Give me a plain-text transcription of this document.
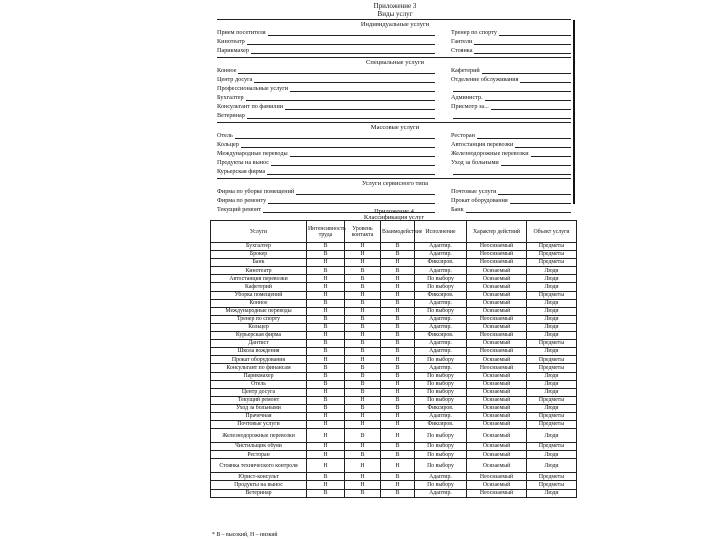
Приложение 3
Виды услуг
Индивидуальные услуги
Прием посетителя	Тренер по спорту
Кинотеатр	Гантели
Парикмахер	Стоянка
Специальные услуги
Конное	Кафетерий
Центр досуга	Отделение обслуживания
Профессиональные услуги
Бухгалтер	Администр.
Консультант по фамилии	Присмотр за...
Ветеринар
Массовые услуги
Отель	Ресторан
Кольцер	Автостанция перевозки
Международные переводы	Железнодорожные перевозки
Продукты на вынос	Уход за больными
Курьерская фирма
Услуги сервисного типа
Фирма по уборке помещений	Почтовые услуги
Фирма по ремонту	Прокат оборудования
Текущий ремонт	Банк
Приложение 4
Классификация услуг
Услуги	Интенсивность труда	Уровень контакта	Взаимодействие	Исполнение	Характер действий	Объект услуги
Бухгалтер	В	Н	В	Адаптир.	Неосязаемый	Предметы
Брокер	В	Н	В	Адаптир.	Неосязаемый	Предметы
Банк	Н	Н	Н	Фиксиров.	Неосязаемый	Предметы
Кинотеатр	В	В	В	Адаптир.	Осязаемый	Люди
Автостанция перевозки	Н	В	Н	По выбору	Осязаемый	Люди
Кафетерий	Н	В	Н	По выбору	Осязаемый	Люди
Уборка помещений	Н	Н	Н	Фиксиров.	Осязаемый	Предметы
Конное	В	В	В	Адаптир.	Осязаемый	Люди
Международные переводы	Н	Н	Н	По выбору	Осязаемый	Люди
Тренер по спорту	В	В	В	Адаптир.	Неосязаемый	Люди
Кольцер	В	В	В	Адаптир.	Осязаемый	Люди
Курьерская фирма	Н	Н	В	Фиксиров.	Неосязаемый	Люди
Дантист	В	В	В	Адаптир.	Осязаемый	Предметы
Школа вождения	В	В	В	Адаптир.	Неосязаемый	Люди
Прокат оборудования	Н	Н	Н	По выбору	Осязаемый	Предметы
Консультант по финансам	В	В	В	Адаптир.	Неосязаемый	Предметы
Парикмахер	В	В	В	По выбору	Осязаемый	Люди
Отель	В	В	Н	По выбору	Осязаемый	Люди
Центр досуга	Н	В	Н	По выбору	Осязаемый	Люди
Текущий ремонт	В	Н	В	По выбору	Осязаемый	Предметы
Уход за больными	В	В	В	Фиксиров.	Осязаемый	Люди
Прачечная	Н	Н	Н	Адаптир.	Осязаемый	Предметы
Почтовые услуги	Н	Н	Н	Фиксиров.	Осязаемый	Предметы
Железнодорожные перевозки	Н	В	Н	По выбору	Осязаемый	Люди
Чистильщик обуви	Н	Н	В	По выбору	Осязаемый	Предметы
Ресторан	Н	В	В	По выбору	Осязаемый	Люди
Стоянка технического контроля	Н	Н	Н	По выбору	Осязаемый	Люди
Юрист-консульт	В	Н	В	Адаптир.	Неосязаемый	Предметы
Продукты на вынос	Н	Н	Н	По выбору	Осязаемый	Предметы
Ветеринар	В	В	В	Адаптир.	Неосязаемый	Люди
* В – высокий, Н – низкий
